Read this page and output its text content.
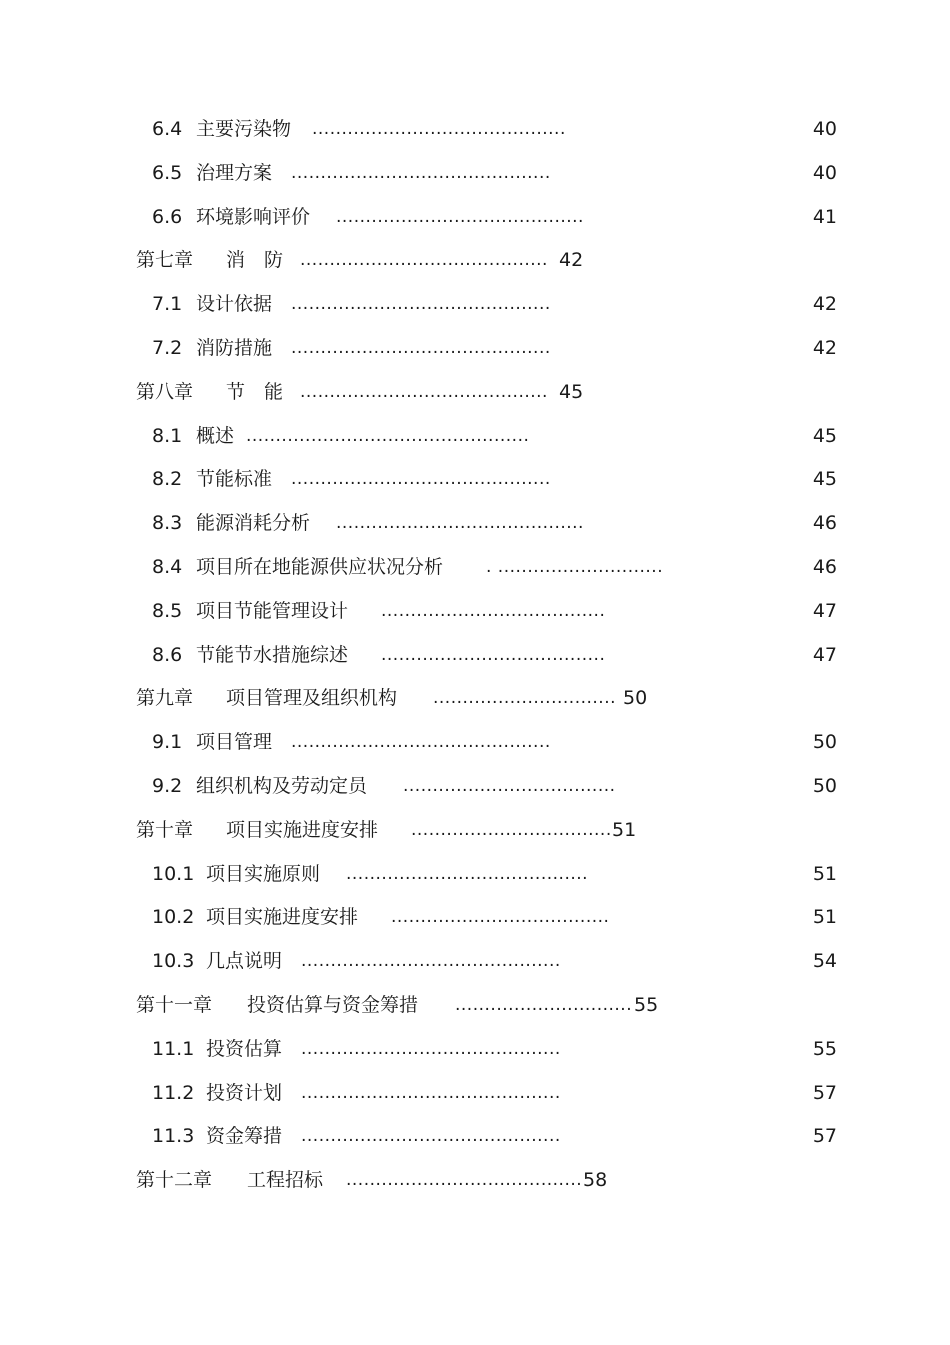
6.4 主要污染物 ...........................................	40
6.5 治理方案 ............................................	40
6.6 环境影响评价 ..........................................	41
第七章 消　防 .......................................... 42
7.1 设计依据 ............................................	42
7.2 消防措施 ............................................	42
第八章 节　能 .......................................... 45
8.1 概述 ................................................	45
8.2 节能标准 ............................................	45
8.3 能源消耗分析 ..........................................	46
8.4 项目所在地能源供应状况分析	. ............................	46
8.5 项目节能管理设计 ......................................	47
8.6 节能节水措施综述 ......................................	47
第九章 项目管理及组织机构 ............................... 50
9.1 项目管理 ............................................	50
9.2 组织机构及劳动定员 ....................................	50
第十章 项目实施进度安排 .................................. 51
10.1 项目实施原则 .........................................	51
10.2 项目实施进度安排 .....................................	51
10.3 几点说明 ............................................	54
第十一章 投资估算与资金筹措 .............................. 55
11.1 投资估算 ............................................	55
11.2 投资计划 ............................................	57
11.3 资金筹措 ............................................	57
第十二章 工程招标 ........................................ 58
